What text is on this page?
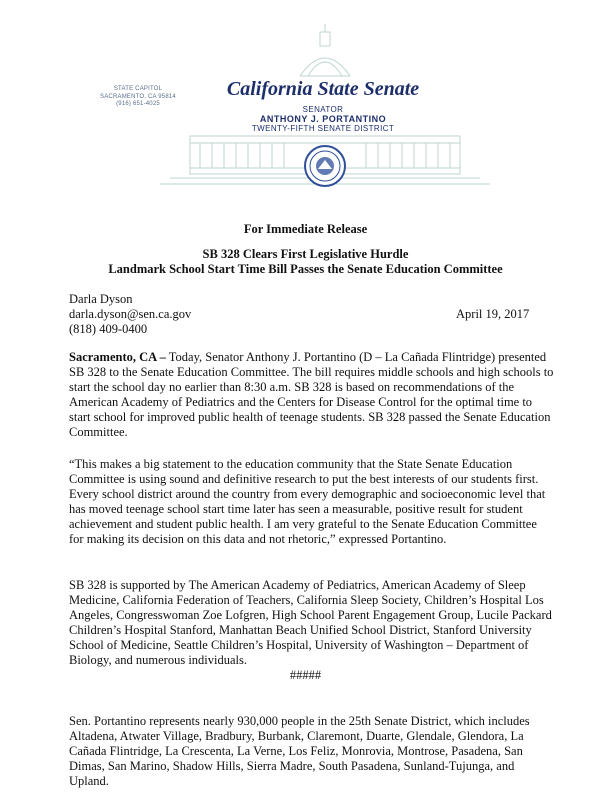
STATE CAPITOL
SACRAMENTO, CA 95814
(916) 651-4025
California State Senate
SENATOR
ANTHONY J. PORTANTINO
TWENTY-FIFTH SENATE DISTRICT
For Immediate Release
SB 328 Clears First Legislative Hurdle
Landmark School Start Time Bill Passes the Senate Education Committee
Darla Dyson
darla.dyson@sen.ca.gov
(818) 409-0400
April 19, 2017
Sacramento, CA – Today, Senator Anthony J. Portantino (D – La Cañada Flintridge) presented
SB 328 to the Senate Education Committee. The bill requires middle schools and high schools to
start the school day no earlier than 8:30 a.m. SB 328 is based on recommendations of the
American Academy of Pediatrics and the Centers for Disease Control for the optimal time to
start school for improved public health of teenage students. SB 328 passed the Senate Education
Committee.
“This makes a big statement to the education community that the State Senate Education
Committee is using sound and definitive research to put the best interests of our students first.
Every school district around the country from every demographic and socioeconomic level that
has moved teenage school start time later has seen a measurable, positive result for student
achievement and student public health. I am very grateful to the Senate Education Committee
for making its decision on this data and not rhetoric,” expressed Portantino.
SB 328 is supported by The American Academy of Pediatrics, American Academy of Sleep
Medicine, California Federation of Teachers, California Sleep Society, Children’s Hospital Los
Angeles, Congresswoman Zoe Lofgren, High School Parent Engagement Group, Lucile Packard
Children’s Hospital Stanford, Manhattan Beach Unified School District, Stanford University
School of Medicine, Seattle Children’s Hospital, University of Washington – Department of
Biology, and numerous individuals.
#####
Sen. Portantino represents nearly 930,000 people in the 25th Senate District, which includes
Altadena, Atwater Village, Bradbury, Burbank, Claremont, Duarte, Glendale, Glendora, La
Cañada Flintridge, La Crescenta, La Verne, Los Feliz, Monrovia, Montrose, Pasadena, San
Dimas, San Marino, Shadow Hills, Sierra Madre, South Pasadena, Sunland-Tujunga, and
Upland.
